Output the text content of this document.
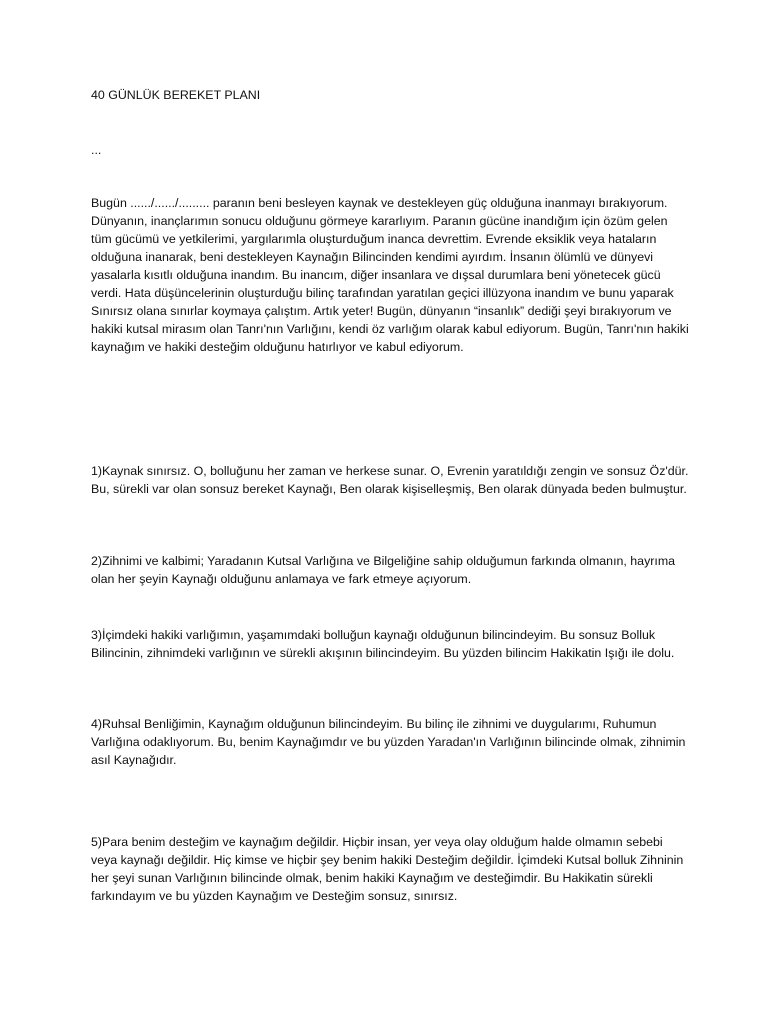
40 GÜNLÜK BEREKET PLANI

...

Bugün ....../....../......... paranın beni besleyen kaynak ve destekleyen güç olduğuna inanmayı bırakıyorum. Dünyanın, inançlarımın sonucu olduğunu görmeye kararlıyım. Paranın gücüne inandığım için özüm gelen tüm gücümü ve yetkilerimi, yargılarımla oluşturduğum inanca devrettim. Evrende eksiklik veya hataların olduğuna inanarak, beni destekleyen Kaynağın Bilincinden kendimi ayırdım. İnsanın ölümlü ve dünyevi yasalarla kısıtlı olduğuna inandım. Bu inancım, diğer insanlara ve dışsal durumlara beni yönetecek gücü verdi. Hata düşüncelerinin oluşturduğu bilinç tarafından yaratılan geçici illüzyona inandım ve bunu yaparak Sınırsız olana sınırlar koymaya çalıştım. Artık yeter! Bugün, dünyanın “insanlık” dediği şeyi bırakıyorum ve hakiki kutsal mirasım olan Tanrı'nın Varlığını, kendi öz varlığım olarak kabul ediyorum. Bugün, Tanrı'nın hakiki kaynağım ve hakiki desteğim olduğunu hatırlıyor ve kabul ediyorum.

1)Kaynak sınırsız. O, bolluğunu her zaman ve herkese sunar. O, Evrenin yaratıldığı zengin ve sonsuz Öz'dür. Bu, sürekli var olan sonsuz bereket Kaynağı, Ben olarak kişiselleşmiş, Ben olarak dünyada beden bulmuştur.

2)Zihnimi ve kalbimi; Yaradanın Kutsal Varlığına ve Bilgeliğine sahip olduğumun farkında olmanın, hayrıma olan her şeyin Kaynağı olduğunu anlamaya ve fark etmeye açıyorum.

3)İçimdeki hakiki varlığımın, yaşamımdaki bolluğun kaynağı olduğunun bilincindeyim. Bu sonsuz Bolluk Bilincinin, zihnimdeki varlığının ve sürekli akışının bilincindeyim. Bu yüzden bilincim Hakikatin Işığı ile dolu.

4)Ruhsal Benliğimin, Kaynağım olduğunun bilincindeyim. Bu bilinç ile zihnimi ve duygularımı, Ruhumun Varlığına odaklıyorum. Bu, benim Kaynağımdır ve bu yüzden Yaradan'ın Varlığının bilincinde olmak, zihnimin asıl Kaynağıdır.

5)Para benim desteğim ve kaynağım değildir. Hiçbir insan, yer veya olay olduğum halde olmamın sebebi veya kaynağı değildir. Hiç kimse ve hiçbir şey benim hakiki Desteğim değildir. İçimdeki Kutsal bolluk Zihninin her şeyi sunan Varlığının bilincinde olmak, benim hakiki Kaynağım ve desteğimdir. Bu Hakikatin sürekli farkındayım ve bu yüzden Kaynağım ve Desteğim sonsuz, sınırsız.
